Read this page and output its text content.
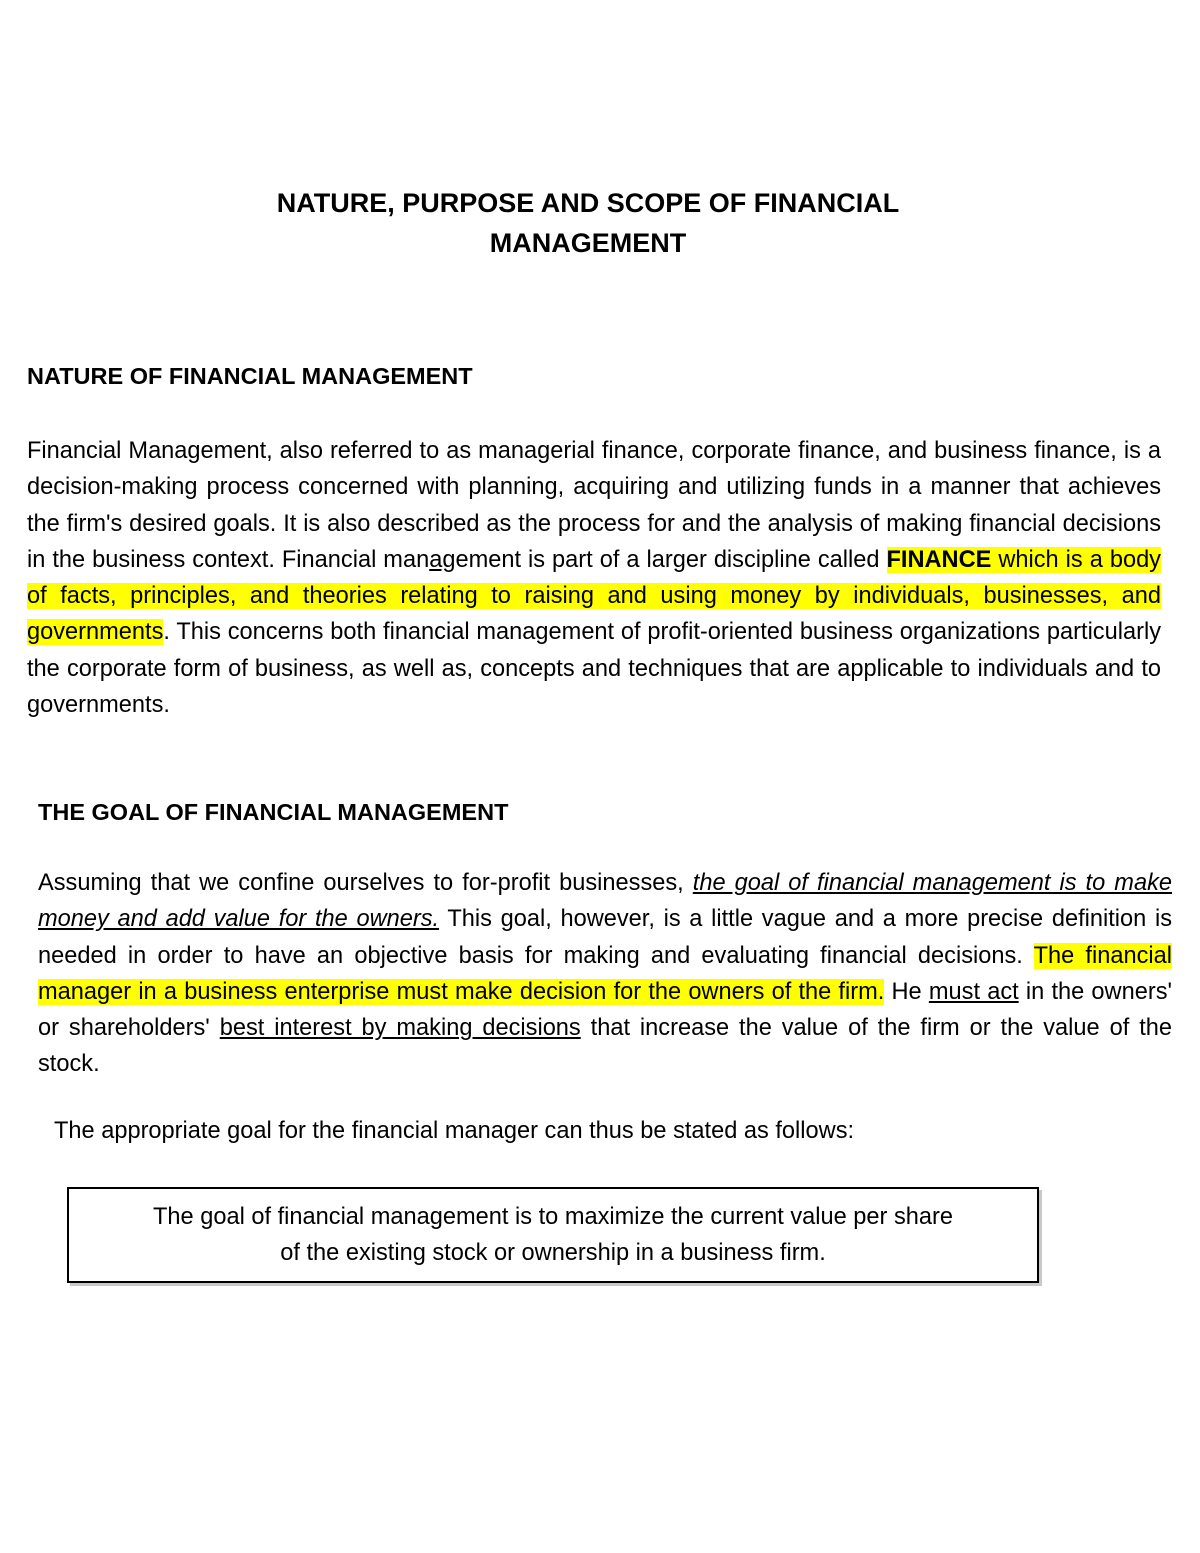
NATURE, PURPOSE AND SCOPE OF FINANCIAL
MANAGEMENT
NATURE OF FINANCIAL MANAGEMENT
Financial Management, also referred to as managerial finance, corporate finance, and business finance, is a decision-making process concerned with planning, acquiring and utilizing funds in a manner that achieves the firm's desired goals. It is also described as the process for and the analysis of making financial decisions in the business context. Financial management is part of a larger discipline called FINANCE which is a body of facts, principles, and theories relating to raising and using money by individuals, businesses, and governments. This concerns both financial management of profit-oriented business organizations particularly the corporate form of business, as well as, concepts and techniques that are applicable to individuals and to governments.
THE GOAL OF FINANCIAL MANAGEMENT
Assuming that we confine ourselves to for-profit businesses, the goal of financial management is to make money and add value for the owners. This goal, however, is a little vague and a more precise definition is needed in order to have an objective basis for making and evaluating financial decisions. The financial manager in a business enterprise must make decision for the owners of the firm. He must act in the owners' or shareholders' best interest by making decisions that increase the value of the firm or the value of the stock.
The appropriate goal for the financial manager can thus be stated as follows:
The goal of financial management is to maximize the current value per share
of the existing stock or ownership in a business firm.
